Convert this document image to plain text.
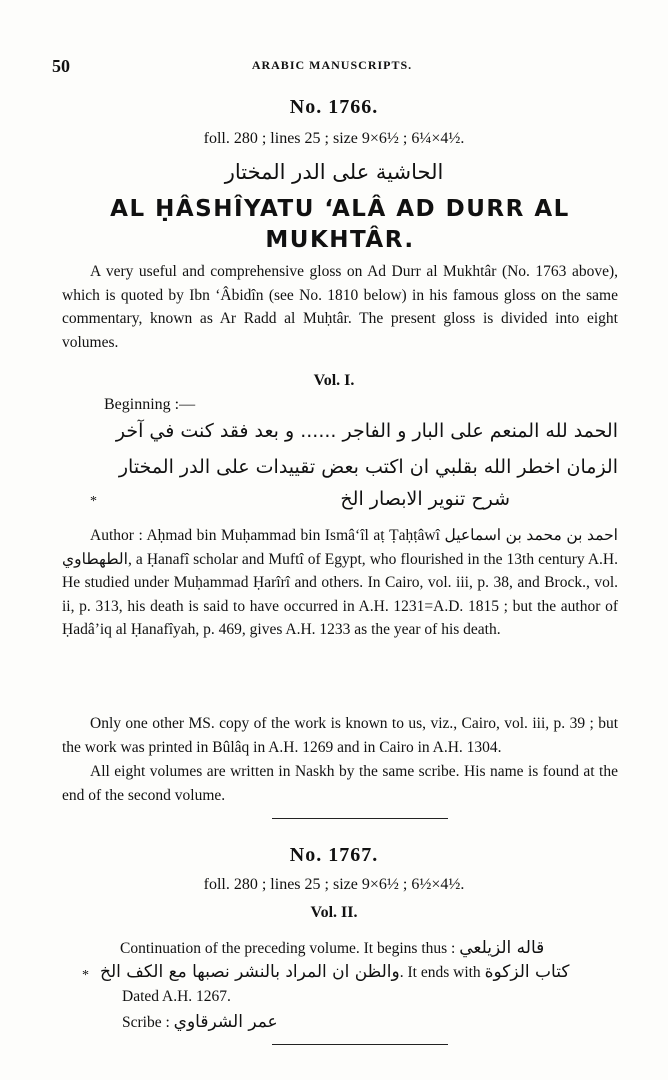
50	ARABIC MANUSCRIPTS.
No. 1766.
foll. 280 ; lines 25 ; size 9×6½ ; 6¼×4½.
الحاشية على الدر المختار
AL ḤÂSHÎYATU ‘ALÂ AD DURR AL
MUKHTÂR.
A very useful and comprehensive gloss on Ad Durr al Mukhtâr (No. 1763 above), which is quoted by Ibn ‘Âbidîn (see No. 1810 below) in his famous gloss on the same commentary, known as Ar Radd al Muḥtâr. The present gloss is divided into eight volumes.
Vol. I.
Beginning :—
الحمد لله المنعم على البار و الفاجر ...... و بعد فقد كنت في آخر
الزمان اخطر الله بقلبي ان اكتب بعض تقييدات على الدر المختار
شرح تنوير الابصار الخ
*
Author : Aḥmad bin Muḥammad bin Ismâ‘îl aṭ Ṭaḥṭâwî احمد بن محمد بن اسماعيل الطهطاوي, a Ḥanafî scholar and Muftî of Egypt, who flourished in the 13th century A.H. He studied under Muḥammad Ḥarîrî and others. In Cairo, vol. iii, p. 38, and Brock., vol. ii, p. 313, his death is said to have occurred in A.H. 1231=A.D. 1815 ; but the author of Ḥadâ’iq al Ḥanafîyah, p. 469, gives A.H. 1233 as the year of his death.
Only one other MS. copy of the work is known to us, viz., Cairo, vol. iii, p. 39 ; but the work was printed in Bûlâq in A.H. 1269 and in Cairo in A.H. 1304.
All eight volumes are written in Naskh by the same scribe. His name is found at the end of the second volume.
No. 1767.
foll. 280 ; lines 25 ; size 9×6½ ; 6½×4½.
Vol. II.
Continuation of the preceding volume. It begins thus : قاله الزيلعي
* والظن ان المراد بالنشر نصبها مع الكف الخ. It ends with كتاب الزكوة
Dated A.H. 1267.
Scribe : عمر الشرقاوي
